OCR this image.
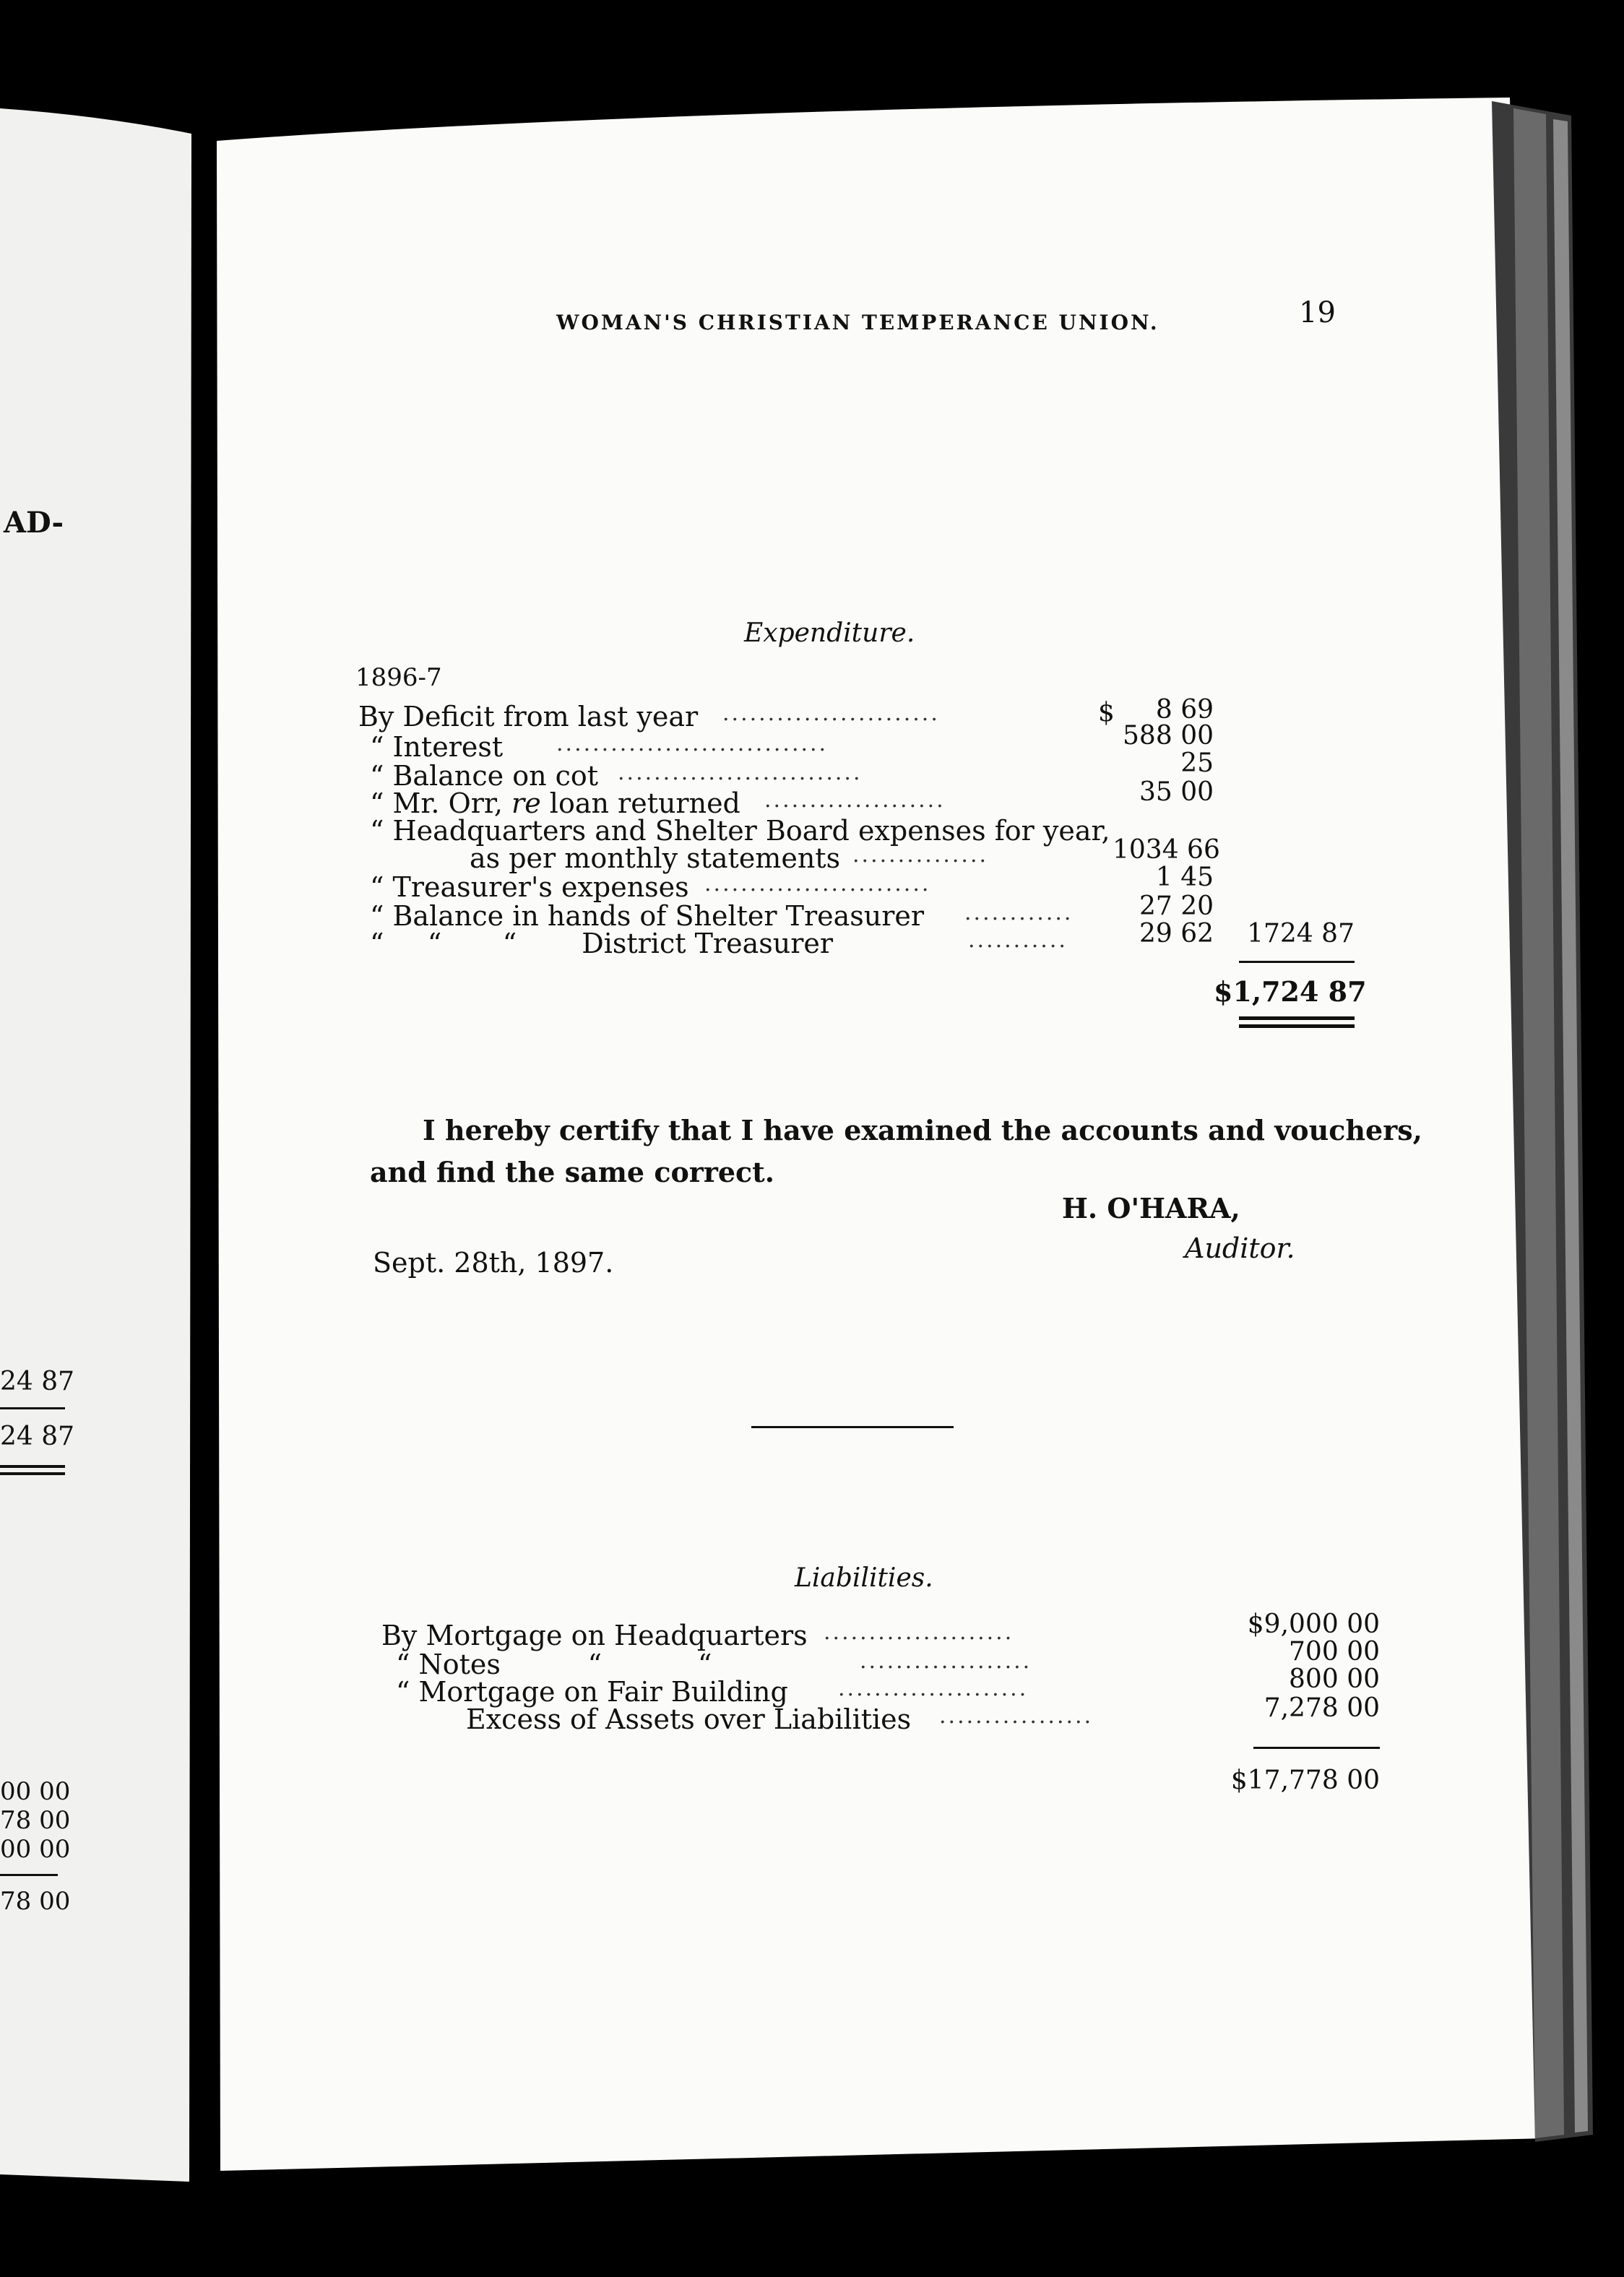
AD-
24 87
24 87
00 00
78 00
00 00
78 00
WOMAN'S CHRISTIAN TEMPERANCE UNION.	19
Expenditure.
1896-7
By Deficit from last year ........................	$	8 69
“ Interest ..............................	588 00
“ Balance on cot ...........................	25
“ Mr. Orr, re loan returned ....................	35 00
“ Headquarters and Shelter Board expenses for year,
as per monthly statements ...............	1034 66
“ Treasurer's expenses .........................	1 45
“ Balance in hands of Shelter Treasurer ............	27 20
“     “       “ District Treasurer	...........	29 62	1724 87
$1,724 87
I hereby certify that I have examined the accounts and vouchers,
and find the same correct.
H. O'HARA,
Auditor.
Sept. 28th, 1897.
Liabilities.
By Mortgage on Headquarters .....................	$9,000 00
“ Notes          “           “	...................	700 00
“ Mortgage on Fair Building .....................	800 00
Excess of Assets over Liabilities .................	7,278 00
$17,778 00
